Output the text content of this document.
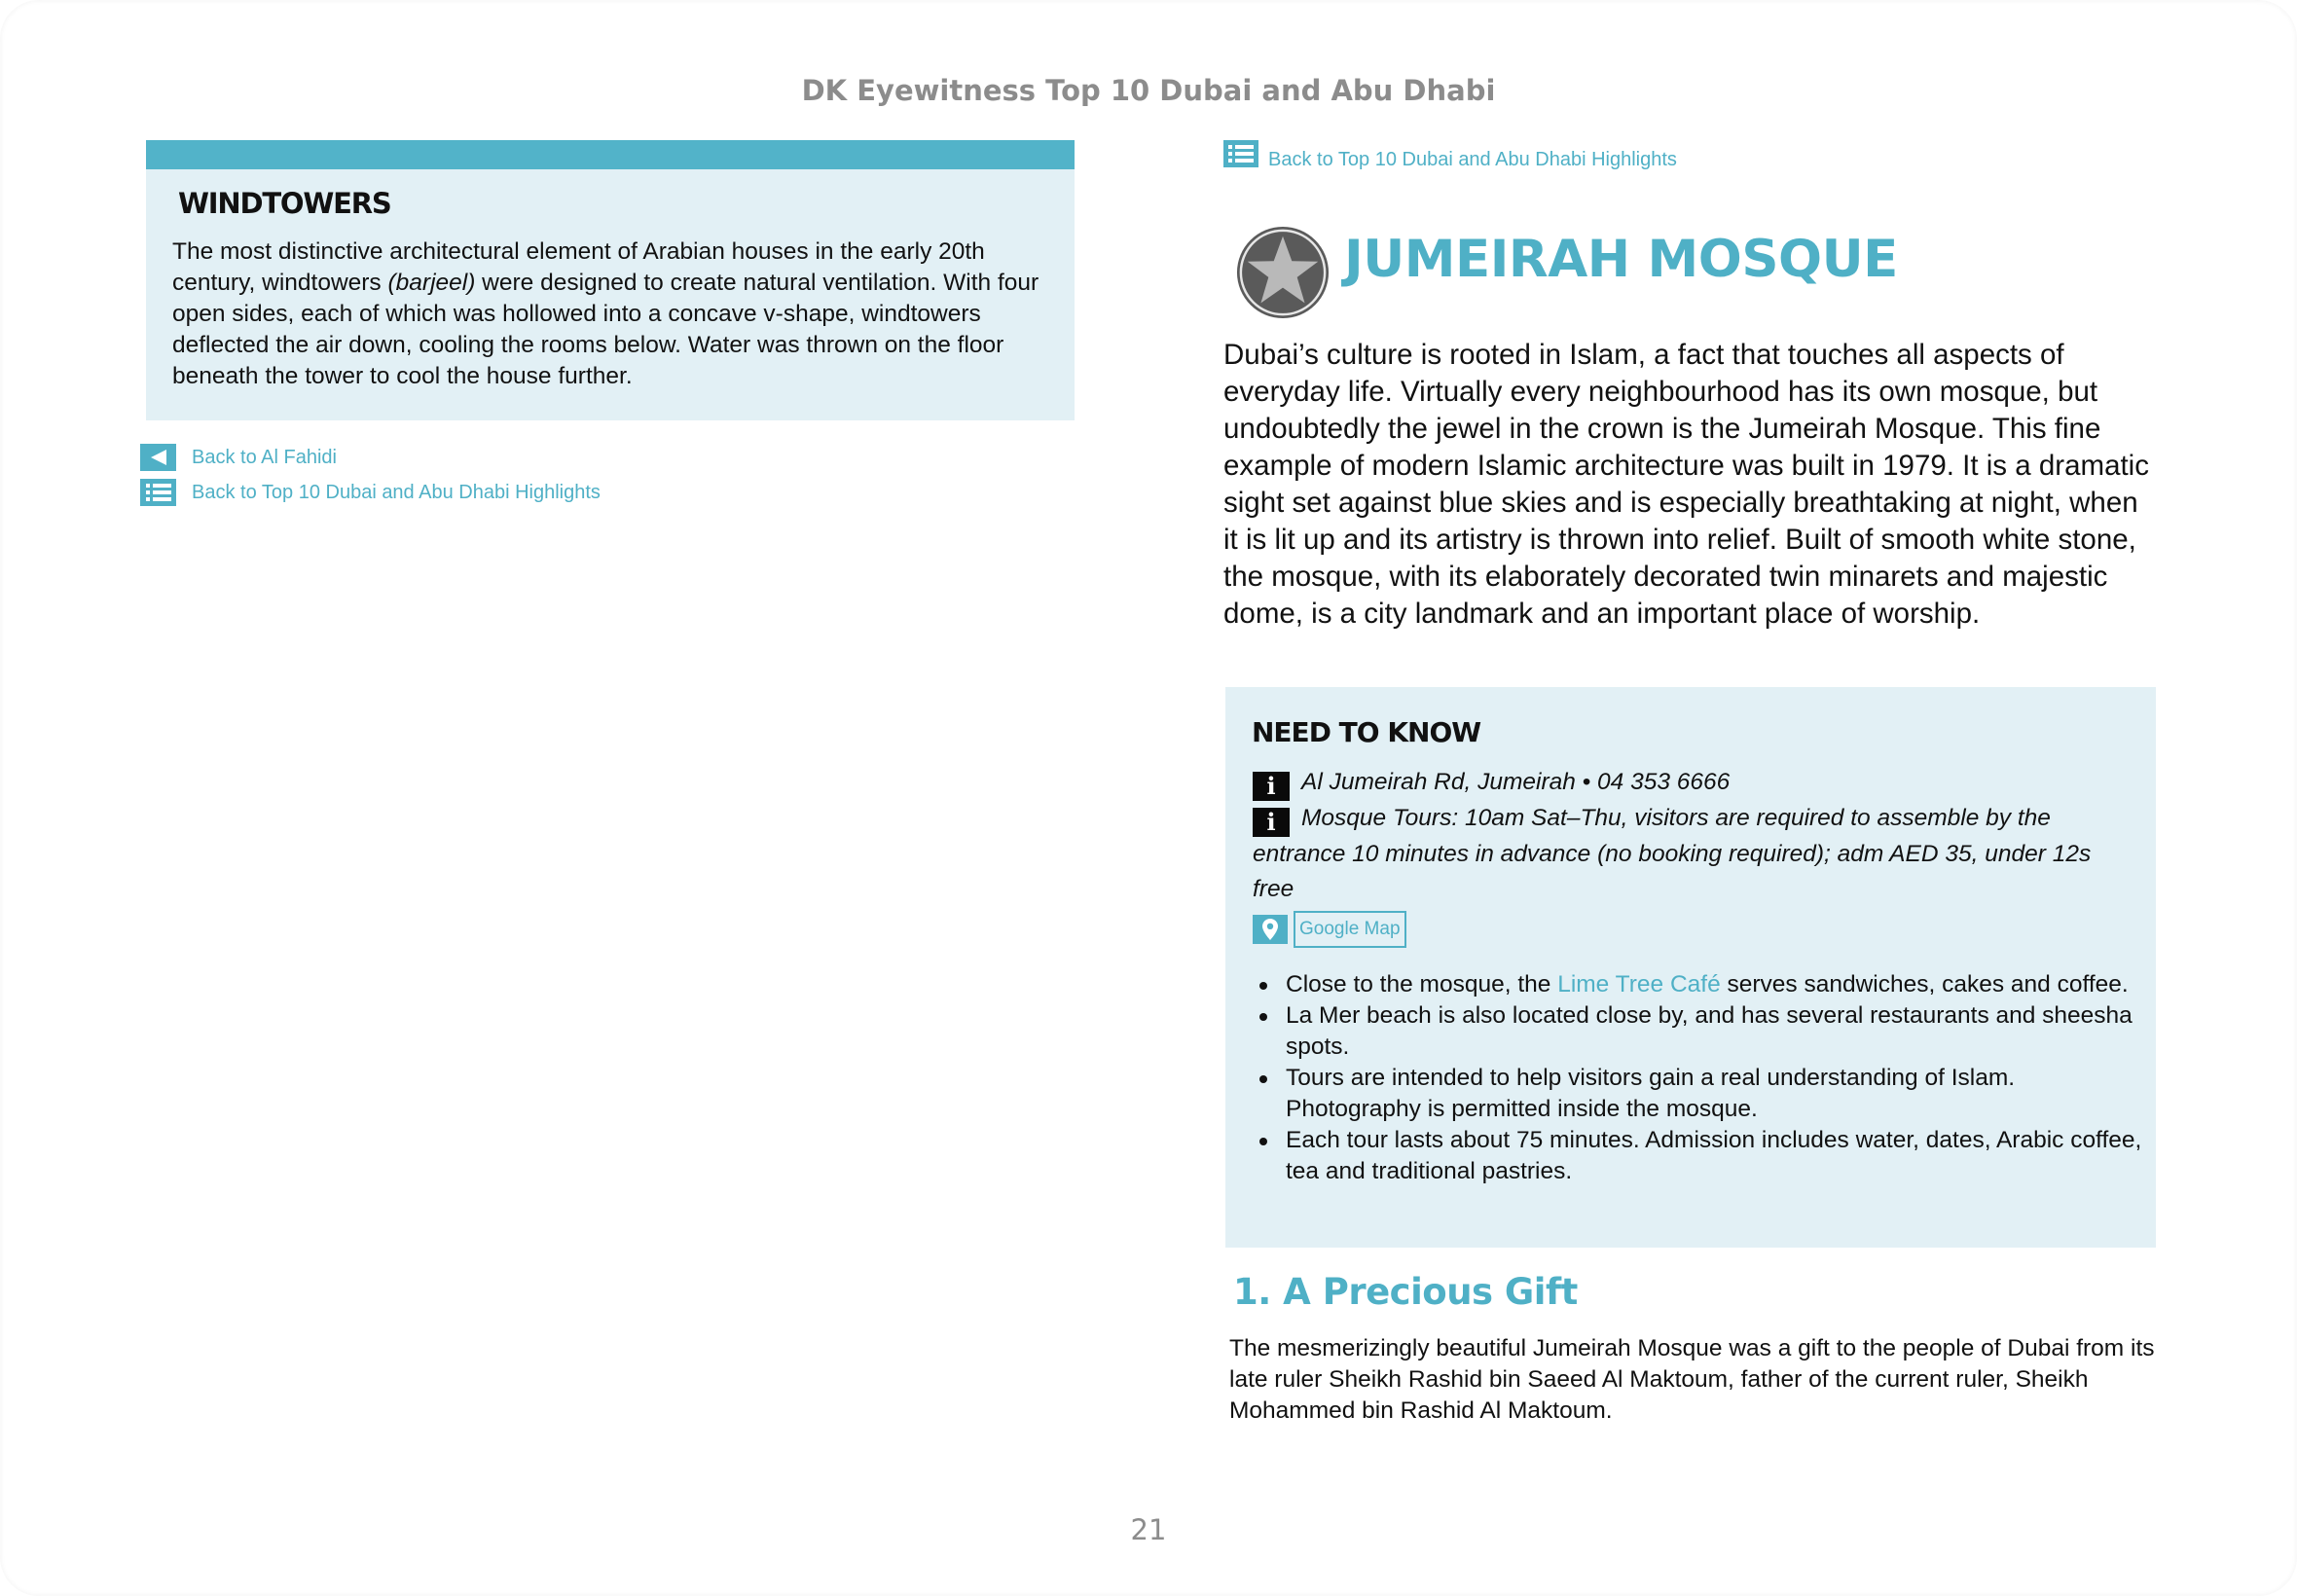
DK Eyewitness Top 10 Dubai and Abu Dhabi
WINDTOWERS

The most distinctive architectural element of Arabian houses in the early 20th century, windtowers (barjeel) were designed to create natural ventilation. With four open sides, each of which was hollowed into a concave v-shape, windtowers deflected the air down, cooling the rooms below. Water was thrown on the floor beneath the tower to cool the house further.

Back to Al Fahidi
Back to Top 10 Dubai and Abu Dhabi Highlights
Back to Top 10 Dubai and Abu Dhabi Highlights
JUMEIRAH MOSQUE

Dubai’s culture is rooted in Islam, a fact that touches all aspects of everyday life. Virtually every neighbourhood has its own mosque, but undoubtedly the jewel in the crown is the Jumeirah Mosque. This fine example of modern Islamic architecture was built in 1979. It is a dramatic sight set against blue skies and is especially breathtaking at night, when it is lit up and its artistry is thrown into relief. Built of smooth white stone, the mosque, with its elaborately decorated twin minarets and majestic dome, is a city landmark and an important place of worship.

NEED TO KNOW
i Al Jumeirah Rd, Jumeirah • 04 353 6666
i Mosque Tours: 10am Sat–Thu, visitors are required to assemble by the entrance 10 minutes in advance (no booking required); adm AED 35, under 12s free
Google Map
Close to the mosque, the Lime Tree Café serves sandwiches, cakes and coffee.
La Mer beach is also located close by, and has several restaurants and sheesha spots.
Tours are intended to help visitors gain a real understanding of Islam. Photography is permitted inside the mosque.
Each tour lasts about 75 minutes. Admission includes water, dates, Arabic coffee, tea and traditional pastries.
1. A Precious Gift

The mesmerizingly beautiful Jumeirah Mosque was a gift to the people of Dubai from its late ruler Sheikh Rashid bin Saeed Al Maktoum, father of the current ruler, Sheikh Mohammed bin Rashid Al Maktoum.

21
